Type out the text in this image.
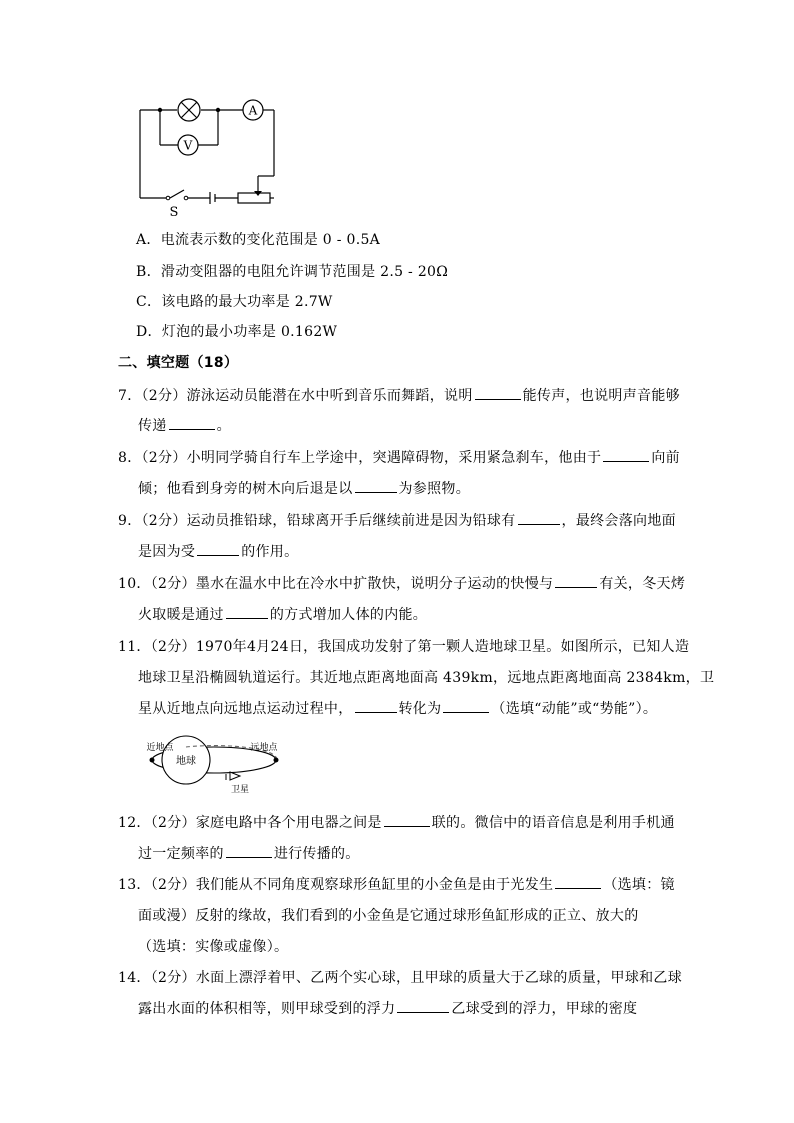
A
V
S
A．电流表示数的变化范围是 0 - 0.5A
B．滑动变阻器的电阻允许调节范围是 2.5 - 20Ω
C．该电路的最大功率是 2.7W
D．灯泡的最小功率是 0.162W
二、填空题（18）
7．（2分）游泳运动员能潜在水中听到音乐而舞蹈，说明	能传声，也说明声音能够
传递	。
8．（2分）小明同学骑自行车上学途中，突遇障碍物，采用紧急刹车，他由于	向前
倾；他看到身旁的树木向后退是以	为参照物。
9．（2分）运动员推铅球，铅球离开手后继续前进是因为铅球有	，最终会落向地面
是因为受	的作用。
10．（2分）墨水在温水中比在冷水中扩散快，说明分子运动的快慢与	有关，冬天烤
火取暖是通过	的方式增加人体的内能。
11．（2分）1970年4月24日，我国成功发射了第一颗人造地球卫星。如图所示，已知人造
地球卫星沿椭圆轨道运行。其近地点距离地面高 439km，远地点距离地面高 2384km，卫
星从近地点向远地点运动过程中，	转化为	（选填“动能”或“势能”）。
近地点
地球
远地点
卫星
12．（2分）家庭电路中各个用电器之间是	联的。微信中的语音信息是利用手机通
过一定频率的	进行传播的。
13．（2分）我们能从不同角度观察球形鱼缸里的小金鱼是由于光发生	（选填：镜
面或漫）反射的缘故，我们看到的小金鱼是它通过球形鱼缸形成的正立、放大的
（选填：实像或虚像）。
14．（2分）水面上漂浮着甲、乙两个实心球，且甲球的质量大于乙球的质量，甲球和乙球
露出水面的体积相等，则甲球受到的浮力	乙球受到的浮力，甲球的密度
